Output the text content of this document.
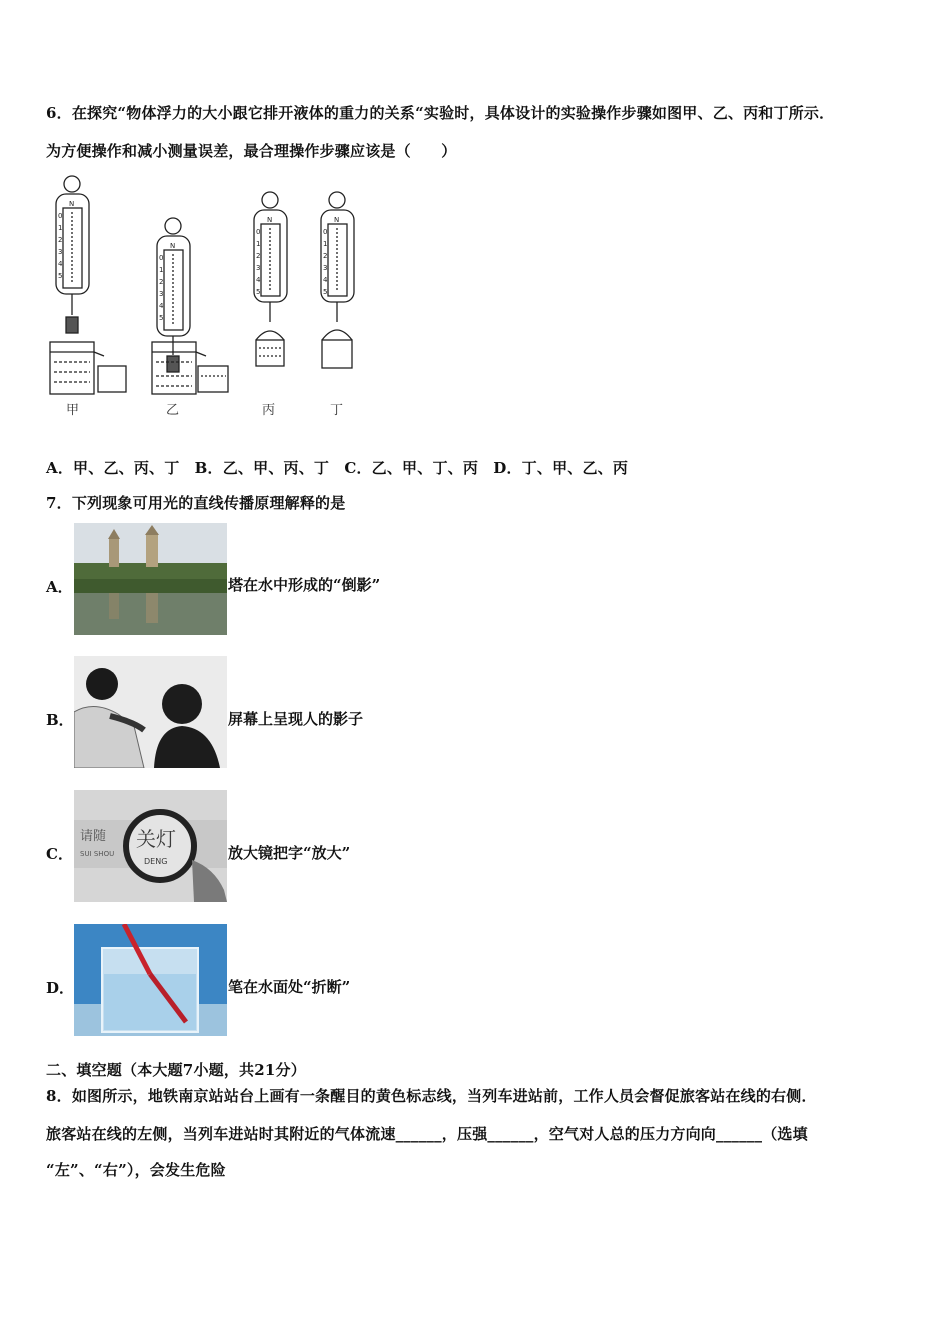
6．在探究“物体浮力的大小跟它排开液体的重力的关系“实验时，具体设计的实验操作步骤如图甲、乙、丙和丁所示．
为方便操作和减小测量误差，最合理操作步骤应该是（　　）
N
0
1
2
3
4
5
甲
N
0
1
2
3
4
5
乙
N
0
1
2
3
4
5
丙
N
0
1
2
3
4
5
丁
A．甲、乙、丙、丁　B．乙、甲、丙、丁　C．乙、甲、丁、丙　D．丁、甲、乙、丙
7．下列现象可用光的直线传播原理解释的是
A．	塔在水中形成的“倒影”
B．	屏幕上呈现人的影子
C．
请随
SUI SHOU
关灯
DENG	放大镜把字“放大”
D．	笔在水面处“折断”
二、填空题（本大题7小题，共21分）
8．如图所示，地铁南京站站台上画有一条醒目的黄色标志线，当列车进站前，工作人员会督促旅客站在线的右侧．
旅客站在线的左侧，当列车进站时其附近的气体流速______，压强______，空气对人总的压力方向向______（选填
“左”、“右”），会发生危险
